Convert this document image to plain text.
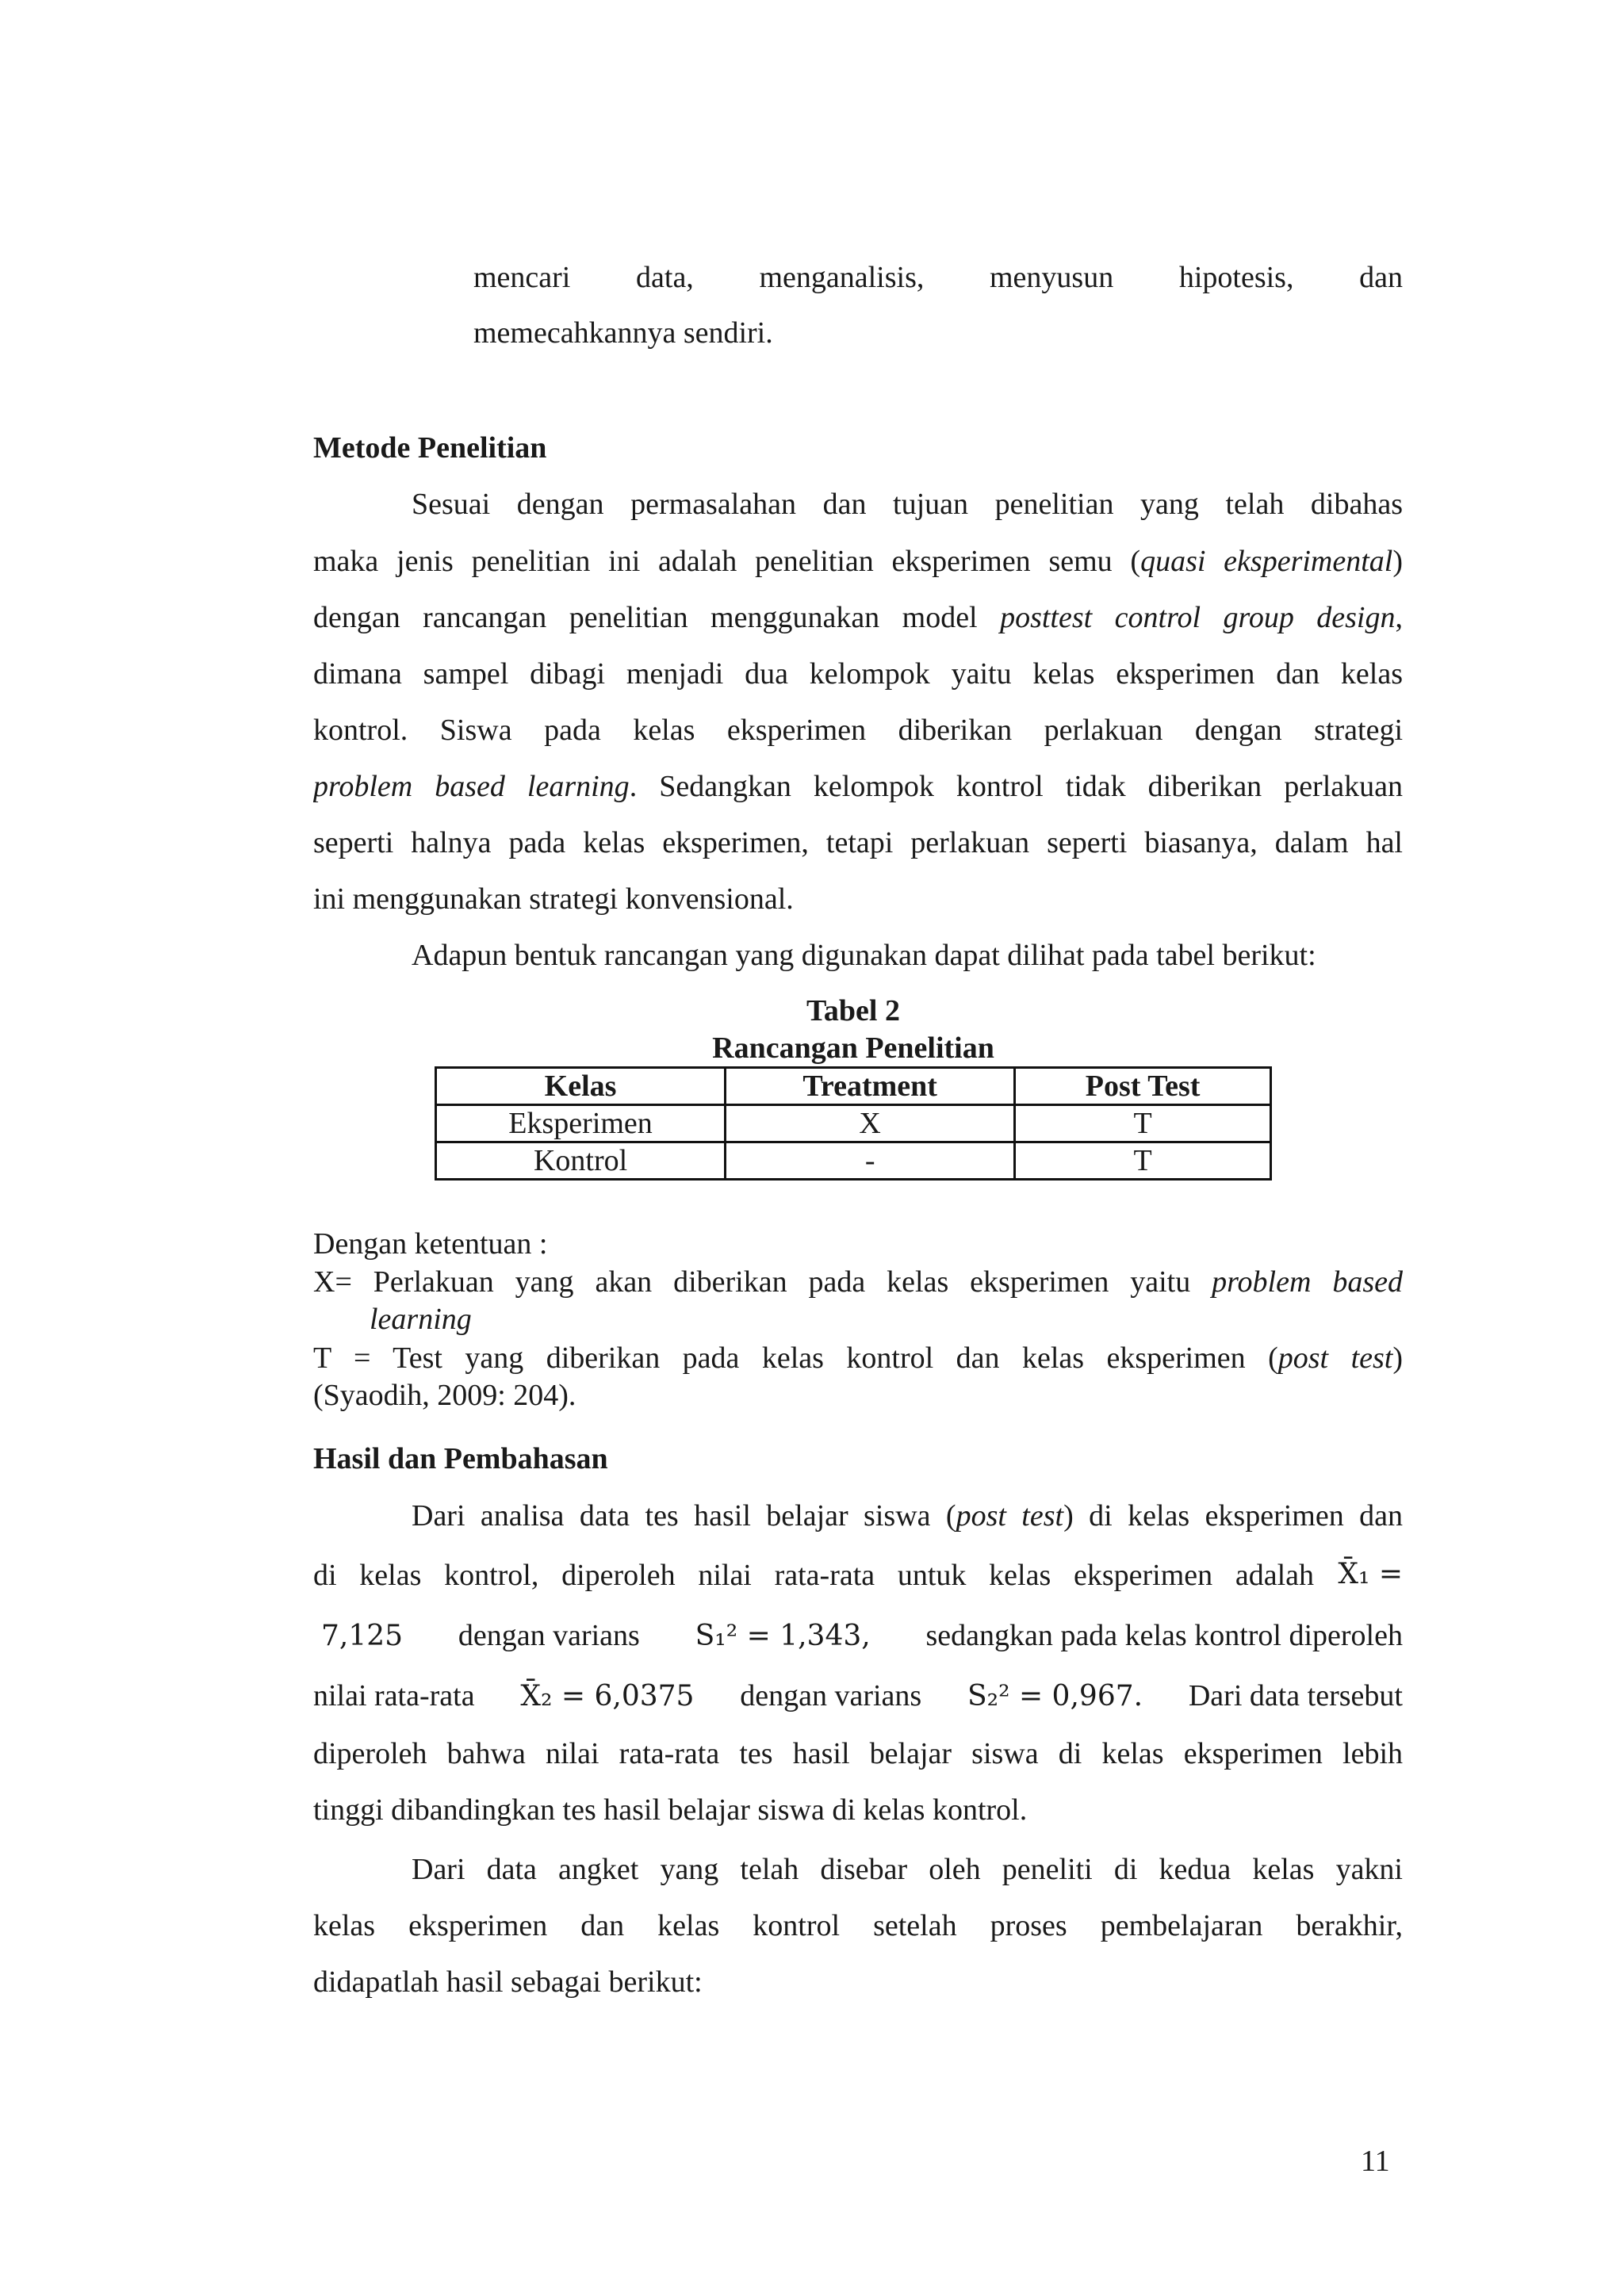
mencari data, menganalisis, menyusun hipotesis, dan
memecahkannya sendiri.
Metode Penelitian
Sesuai dengan permasalahan dan tujuan penelitian yang telah dibahas
maka jenis penelitian ini adalah penelitian eksperimen semu (quasi eksperimental)
dengan rancangan penelitian menggunakan model posttest control group design,
dimana sampel dibagi menjadi dua kelompok yaitu kelas eksperimen dan kelas
kontrol. Siswa pada kelas eksperimen diberikan perlakuan dengan strategi
problem based learning. Sedangkan kelompok kontrol tidak diberikan perlakuan
seperti halnya pada kelas eksperimen, tetapi perlakuan seperti biasanya, dalam hal
ini menggunakan strategi konvensional.
Adapun bentuk rancangan yang digunakan dapat dilihat pada tabel berikut:
Tabel 2
Rancangan Penelitian
Kelas	Treatment	Post Test
Eksperimen	X	T
Kontrol	-	T
Dengan ketentuan :
X= Perlakuan yang akan diberikan pada kelas eksperimen yaitu problem based
learning
T = Test yang diberikan pada kelas kontrol dan kelas eksperimen (post test)
(Syaodih, 2009: 204).
Hasil dan Pembahasan
Dari analisa data tes hasil belajar siswa (post test) di kelas eksperimen dan
di kelas kontrol, diperoleh nilai rata-rata untuk kelas eksperimen adalah X̄₁ =
7,125 dengan varians S₁² = 1,343, sedangkan pada kelas kontrol diperoleh
nilai rata-rata X̄₂ = 6,0375 dengan varians S₂² = 0,967. Dari data tersebut
diperoleh bahwa nilai rata-rata tes hasil belajar siswa di kelas eksperimen lebih
tinggi dibandingkan tes hasil belajar siswa di kelas kontrol.
Dari data angket yang telah disebar oleh peneliti di kedua kelas yakni
kelas eksperimen dan kelas kontrol setelah proses pembelajaran berakhir,
didapatlah hasil sebagai berikut:
11
